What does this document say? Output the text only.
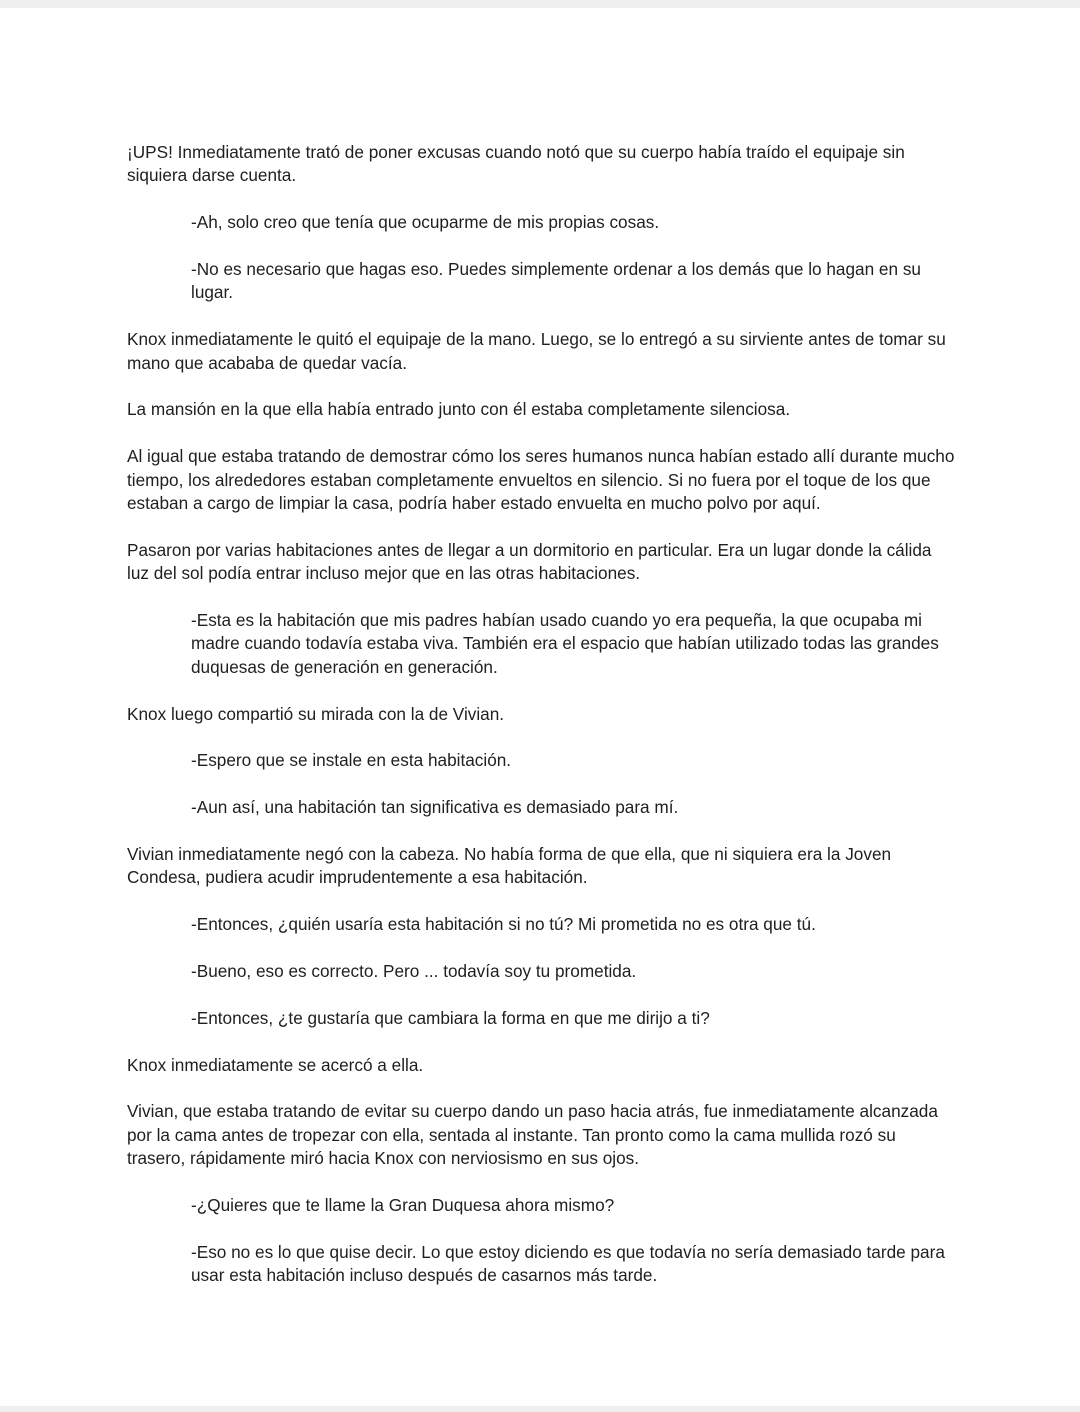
¡UPS! Inmediatamente trató de poner excusas cuando notó que su cuerpo había traído el equipaje sin siquiera darse cuenta.

-Ah, solo creo que tenía que ocuparme de mis propias cosas.

-No es necesario que hagas eso. Puedes simplemente ordenar a los demás que lo hagan en su lugar.

Knox inmediatamente le quitó el equipaje de la mano. Luego, se lo entregó a su sirviente antes de tomar su mano que acababa de quedar vacía.

La mansión en la que ella había entrado junto con él estaba completamente silenciosa.

Al igual que estaba tratando de demostrar cómo los seres humanos nunca habían estado allí durante mucho tiempo, los alrededores estaban completamente envueltos en silencio. Si no fuera por el toque de los que estaban a cargo de limpiar la casa, podría haber estado envuelta en mucho polvo por aquí.

Pasaron por varias habitaciones antes de llegar a un dormitorio en particular. Era un lugar donde la cálida luz del sol podía entrar incluso mejor que en las otras habitaciones.

-Esta es la habitación que mis padres habían usado cuando yo era pequeña, la que ocupaba mi madre cuando todavía estaba viva. También era el espacio que habían utilizado todas las grandes duquesas de generación en generación.

Knox luego compartió su mirada con la de Vivian.

-Espero que se instale en esta habitación.

-Aun así, una habitación tan significativa es demasiado para mí.

Vivian inmediatamente negó con la cabeza. No había forma de que ella, que ni siquiera era la Joven Condesa, pudiera acudir imprudentemente a esa habitación.

-Entonces, ¿quién usaría esta habitación si no tú? Mi prometida no es otra que tú.

-Bueno, eso es correcto. Pero ... todavía soy tu prometida.

-Entonces, ¿te gustaría que cambiara la forma en que me dirijo a ti?

Knox inmediatamente se acercó a ella.

Vivian, que estaba tratando de evitar su cuerpo dando un paso hacia atrás, fue inmediatamente alcanzada por la cama antes de tropezar con ella, sentada al instante. Tan pronto como la cama mullida rozó su trasero, rápidamente miró hacia Knox con nerviosismo en sus ojos.

-¿Quieres que te llame la Gran Duquesa ahora mismo?

-Eso no es lo que quise decir. Lo que estoy diciendo es que todavía no sería demasiado tarde para usar esta habitación incluso después de casarnos más tarde.
